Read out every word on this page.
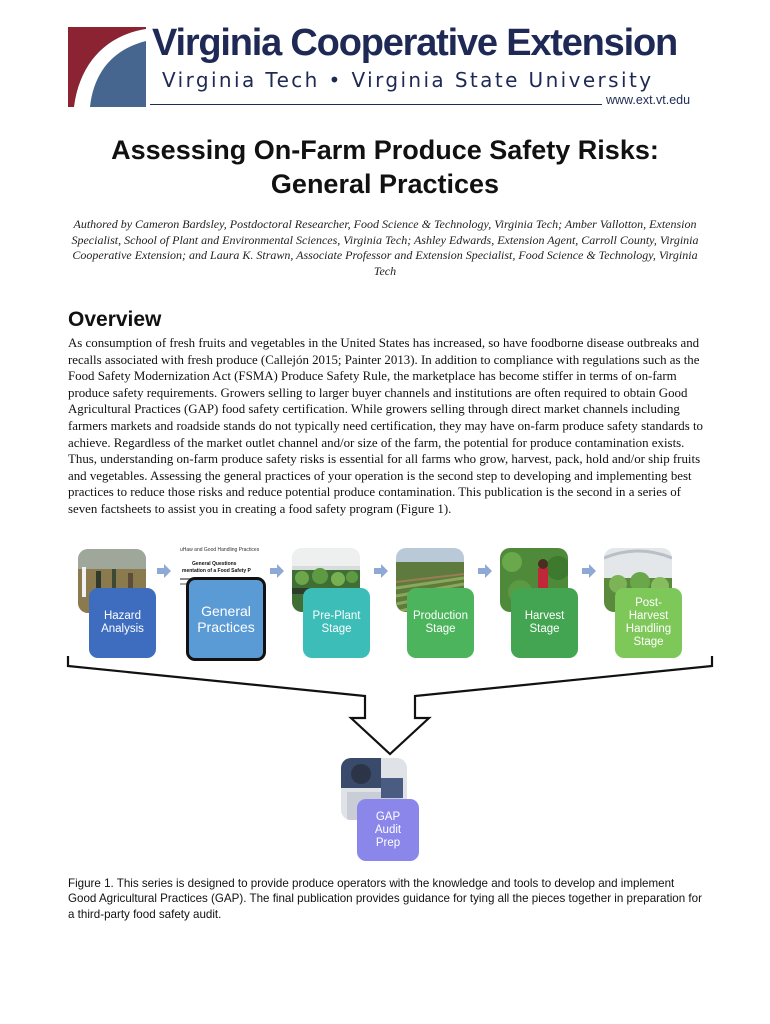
Virginia Cooperative Extension
Virginia Tech • Virginia State University
www.ext.vt.edu
Assessing On-Farm Produce Safety Risks:
General Practices
Authored by Cameron Bardsley, Postdoctoral Researcher, Food Science & Technology, Virginia Tech; Amber Vallotton, Extension Specialist, School of Plant and Environmental Sciences, Virginia Tech; Ashley Edwards, Extension Agent, Carroll County, Virginia Cooperative Extension; and Laura K. Strawn, Associate Professor and Extension Specialist, Food Science & Technology, Virginia Tech
Overview
As consumption of fresh fruits and vegetables in the United States has increased, so have foodborne disease outbreaks and recalls associated with fresh produce (Callejón 2015; Painter 2013). In addition to compliance with regulations such as the Food Safety Modernization Act (FSMA) Produce Safety Rule, the marketplace has become stiffer in terms of on-farm produce safety requirements. Growers selling to larger buyer channels and institutions are often required to obtain Good Agricultural Practices (GAP) food safety certification. While growers selling through direct market channels including farmers markets and roadside stands do not typically need certification, they may have on-farm produce safety standards to achieve. Regardless of the market outlet channel and/or size of the farm, the potential for produce contamination exists. Thus, understanding on-farm produce safety risks is essential for all farms who grow, harvest, pack, hold and/or ship fruits and vegetables. Assessing the general practices of your operation is the second step to developing and implementing best practices to reduce those risks and reduce potential produce contamination. This publication is the second in a series of seven factsheets to assist you in creating a food safety program (Figure 1).
uHaw and Good Handling Practices
General Questions
mentation of a Food Safety P
Hazard
Analysis
General
Practices
Pre-Plant
Stage
Production
Stage
Harvest
Stage
Post-
Harvest
Handling
Stage
GAP
Audit
Prep
Figure 1. This series is designed to provide produce operators with the knowledge and tools to develop and implement Good Agricultural Practices (GAP). The final publication provides guidance for tying all the pieces together in preparation for a third-party food safety audit.
